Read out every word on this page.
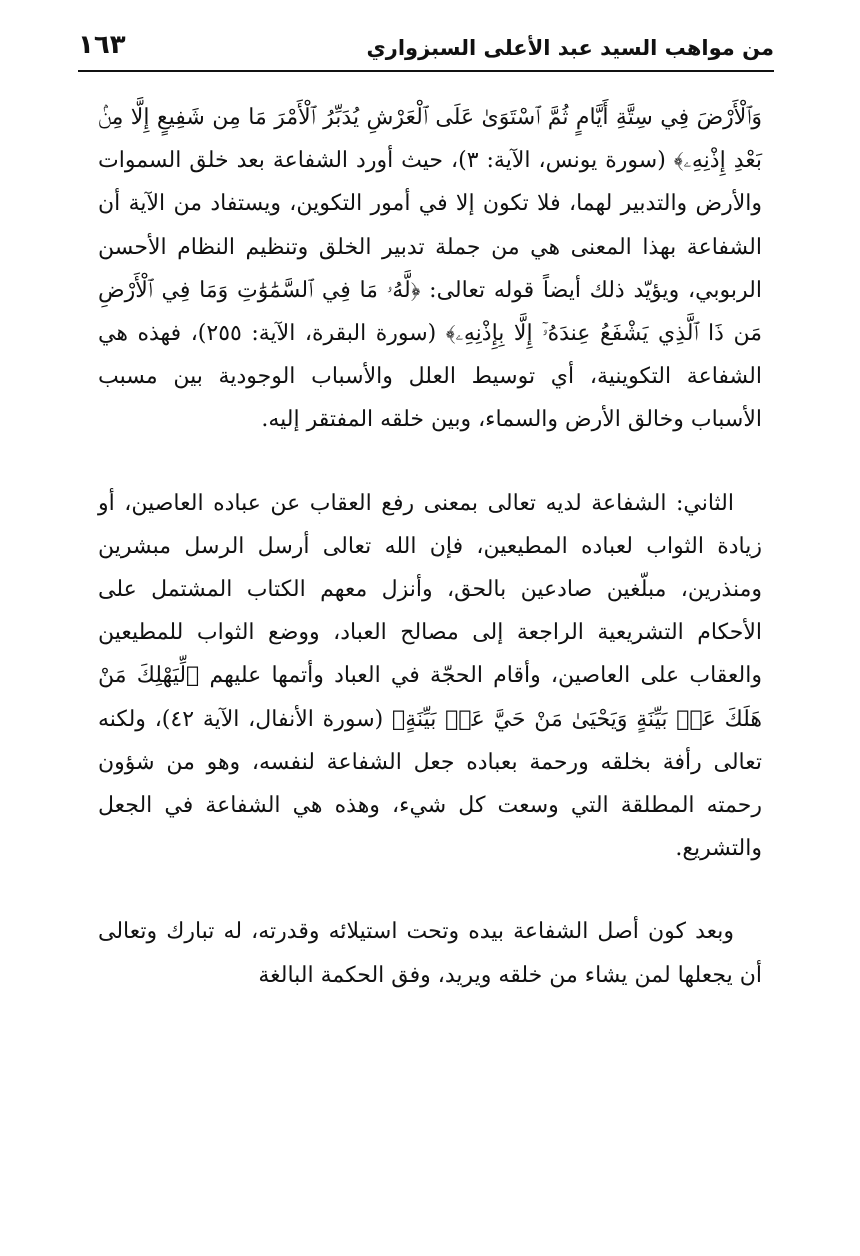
من مواهب السيد عبد الأعلى السبزواري
١٦٣

وَٱلْأَرْضَ فِي سِتَّةِ أَيَّامٍ ثُمَّ ٱسْتَوَىٰ عَلَى ٱلْعَرْشِ يُدَبِّرُ ٱلْأَمْرَ مَا مِن شَفِيعٍ إِلَّا مِنۢ بَعْدِ إِذْنِهِۦ﴾ (سورة يونس، الآية: ٣)، حيث أورد الشفاعة بعد خلق السموات والأرض والتدبير لهما، فلا تكون إلا في أمور التكوين، ويستفاد من الآية أن الشفاعة بهذا المعنى هي من جملة تدبير الخلق وتنظيم النظام الأحسن الربوبي، ويؤيّد ذلك أيضاً قوله تعالى: ﴿لَّهُۥ مَا فِي ٱلسَّمَٰوَٰتِ وَمَا فِي ٱلْأَرْضِ مَن ذَا ٱلَّذِي يَشْفَعُ عِندَهُۥٓ إِلَّا بِإِذْنِهِۦ﴾ (سورة البقرة، الآية: ٢٥٥)، فهذه هي الشفاعة التكوينية، أي توسيط العلل والأسباب الوجودية بين مسبب الأسباب وخالق الأرض والسماء، وبين خلقه المفتقر إليه.

الثاني: الشفاعة لديه تعالى بمعنى رفع العقاب عن عباده العاصين، أو زيادة الثواب لعباده المطيعين، فإن الله تعالى أرسل الرسل مبشرين ومنذرين، مبلّغين صادعين بالحق، وأنزل معهم الكتاب المشتمل على الأحكام التشريعية الراجعة إلى مصالح العباد، ووضع الثواب للمطيعين والعقاب على العاصين، وأقام الحجّة في العباد وأتمها عليهم ﴿لِّيَهْلِكَ مَنْ هَلَكَ عَنۢ بَيِّنَةٍ وَيَحْيَىٰ مَنْ حَيَّ عَنۢ بَيِّنَةٍ﴾ (سورة الأنفال، الآية ٤٢)، ولكنه تعالى رأفة بخلقه ورحمة بعباده جعل الشفاعة لنفسه، وهو من شؤون رحمته المطلقة التي وسعت كل شيء، وهذه هي الشفاعة في الجعل والتشريع.

وبعد كون أصل الشفاعة بيده وتحت استيلائه وقدرته، له تبارك وتعالى أن يجعلها لمن يشاء من خلقه ويريد، وفق الحكمة البالغة
